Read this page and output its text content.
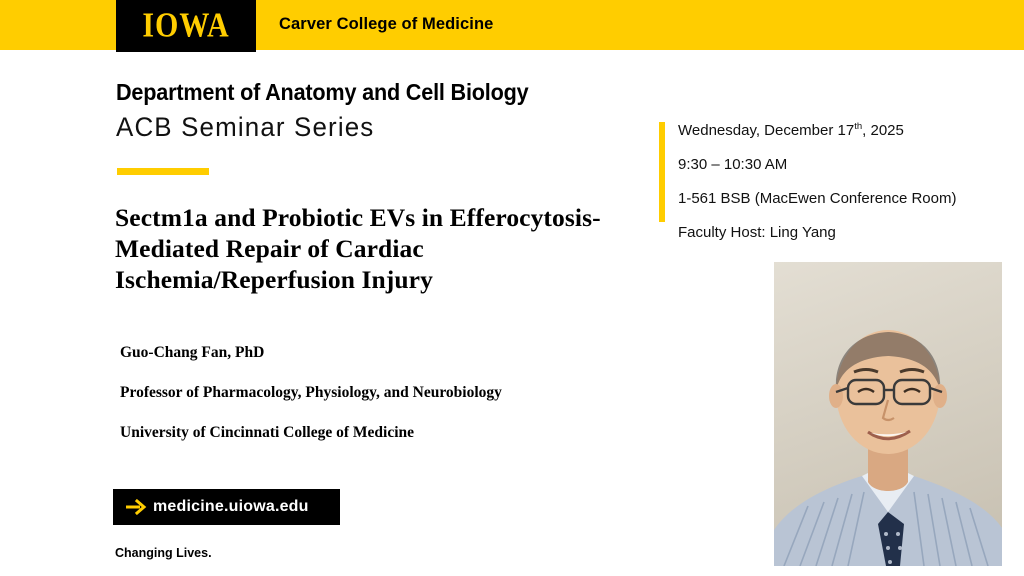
IOWA	Carver College of Medicine
Department of Anatomy and Cell Biology
ACB Seminar Series
Sectm1a and Probiotic EVs in Efferocytosis-Mediated Repair of Cardiac Ischemia/Reperfusion Injury
Guo-Chang Fan, PhD
Professor of Pharmacology, Physiology, and Neurobiology
University of Cincinnati College of Medicine
medicine.uiowa.edu
Changing Lives.
Wednesday, December 17th, 2025
9:30 – 10:30 AM
1-561 BSB (MacEwen Conference Room)
Faculty Host: Ling Yang
